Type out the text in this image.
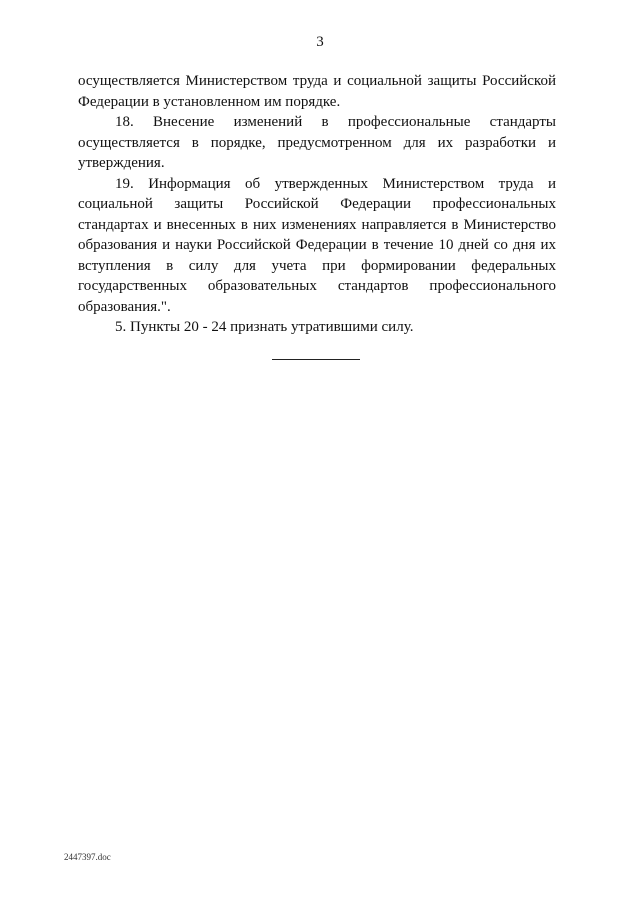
3

осуществляется Министерством труда и социальной защиты Российской Федерации в установленном им порядке.

18. Внесение изменений в профессиональные стандарты осуществляется в порядке, предусмотренном для их разработки и утверждения.

19. Информация об утвержденных Министерством труда и социальной защиты Российской Федерации профессиональных стандартах и внесенных в них изменениях направляется в Министерство образования и науки Российской Федерации в течение 10 дней со дня их вступления в силу для учета при формировании федеральных государственных образовательных стандартов профессионального образования.".

5. Пункты 20 - 24 признать утратившими силу.

2447397.doc
